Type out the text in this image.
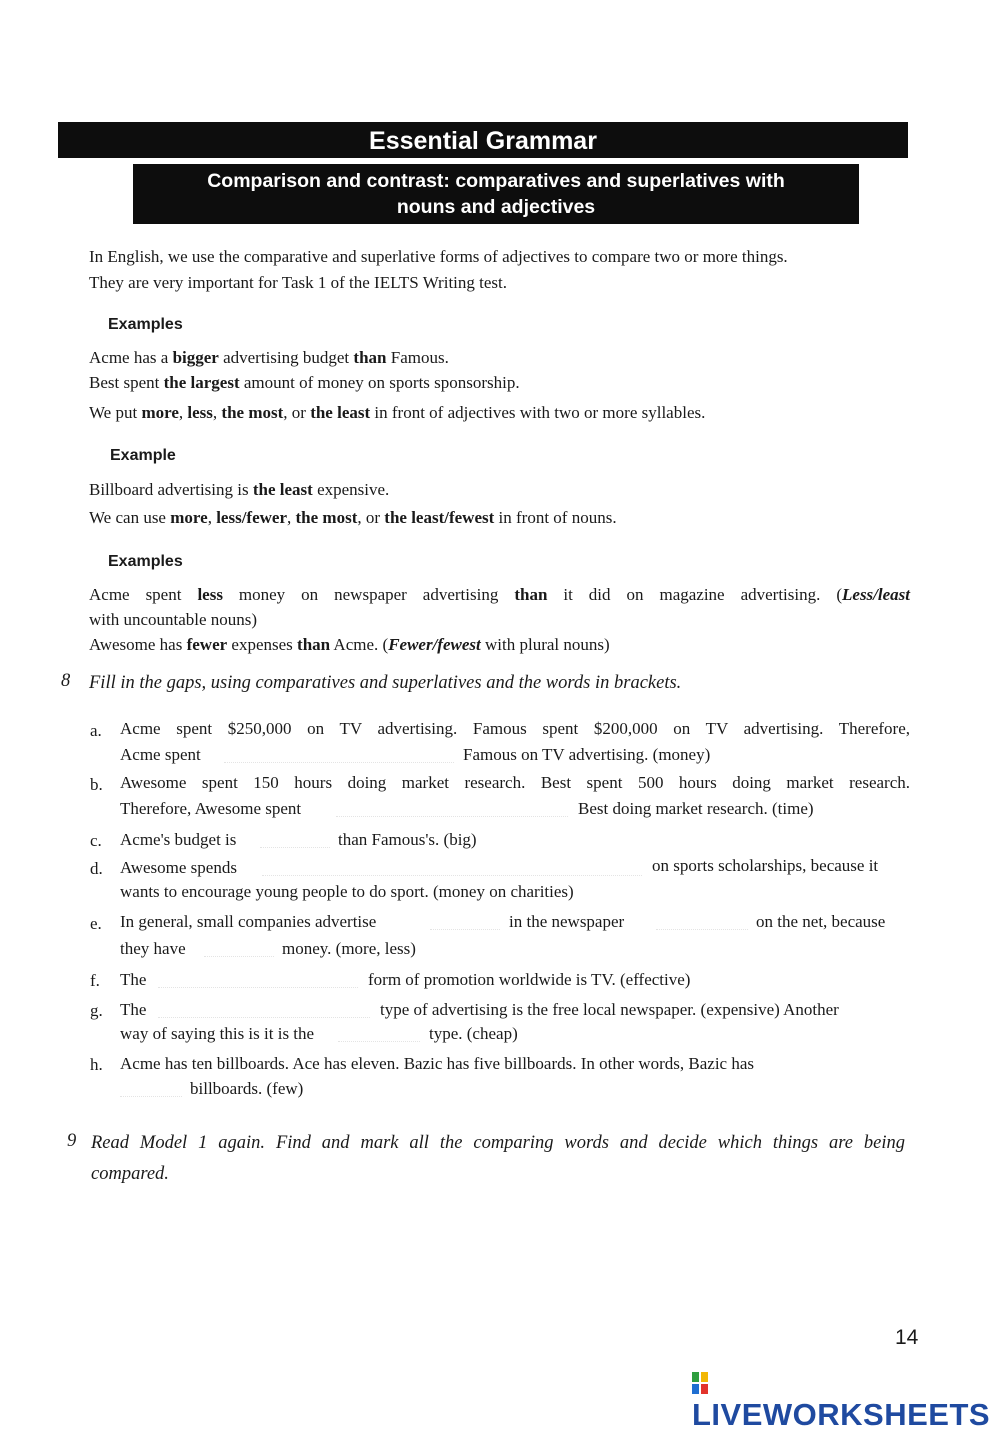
Essential Grammar
Comparison and contrast: comparatives and superlatives with
nouns and adjectives
In English, we use the comparative and superlative forms of adjectives to compare two or more things.
They are very important for Task 1 of the IELTS Writing test.
Examples
Acme has a bigger advertising budget than Famous.
Best spent the largest amount of money on sports sponsorship.
We put more, less, the most, or the least in front of adjectives with two or more syllables.
Example
Billboard advertising is the least expensive.
We can use more, less/fewer, the most, or the least/fewest in front of nouns.
Examples
Acme spent less money on newspaper advertising than it did on magazine advertising. (Less/least
with uncountable nouns)
Awesome has fewer expenses than Acme. (Fewer/fewest with plural nouns)
8 Fill in the gaps, using comparatives and superlatives and the words in brackets.
a. Acme spent $250,000 on TV advertising. Famous spent $200,000 on TV advertising. Therefore,
Acme spent	Famous on TV advertising. (money)
b. Awesome spent 150 hours doing market research. Best spent 500 hours doing market research.
Therefore, Awesome spent	Best doing market research. (time)
c. Acme's budget is	than Famous's. (big)
d. Awesome spends	on sports scholarships, because it
wants to encourage young people to do sport. (money on charities)
e. In general, small companies advertise	in the newspaper	on the net, because
they have	money. (more, less)
f. The	form of promotion worldwide is TV. (effective)
g. The	type of advertising is the free local newspaper. (expensive) Another
way of saying this is it is the	type. (cheap)
h. Acme has ten billboards. Ace has eleven. Bazic has five billboards. In other words, Bazic has
billboards. (few)
9 Read Model 1 again. Find and mark all the comparing words and decide which things are being
compared.
14
LIVEWORKSHEETS
